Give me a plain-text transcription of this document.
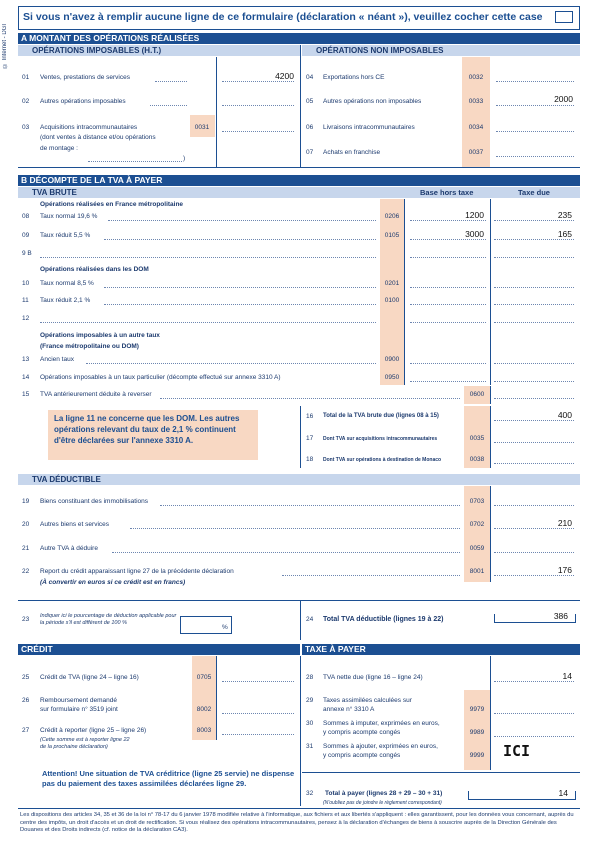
© Internet - DGI
Si vous n'avez à remplir aucune ligne de ce formulaire (déclaration « néant »), veuillez cocher cette case
A MONTANT DES OPÉRATIONS RÉALISÉES
OPÉRATIONS IMPOSABLES (H.T.)	OPÉRATIONS NON IMPOSABLES
01 Ventes, prestations de services	4200
02 Autres opérations imposables
03 Acquisitions intracommunautaires	0031
(dont ventes à distance et/ou opérations
de montage :
)
04 Exportations hors CE	0032
05 Autres opérations non imposables	0033	2000
06 Livraisons intracommunautaires	0034
07 Achats en franchise	0037
B DÉCOMPTE DE LA TVA À PAYER
TVA BRUTE	Base hors taxe	Taxe due
Opérations réalisées en France métropolitaine
08 Taux normal 19,6 %	0206	1200	235
09 Taux réduit 5,5 %	0105	3000	165
9 B
Opérations réalisées dans les DOM
10 Taux normal 8,5 %	0201
11 Taux réduit 2,1 %	0100
12
Opérations imposables à un autre taux
(France métropolitaine ou DOM)
13 Ancien taux	0900
14 Opérations imposables à un taux particulier (décompte effectué sur annexe 3310 A)	0950
15 TVA antérieurement déduite à reverser	0600
La ligne 11 ne concerne que les DOM. Les autres opérations relevant du taux de 2,1 % continuent d'être déclarées sur l'annexe 3310 A.
16 Total de la TVA brute due (lignes 08 à 15)	400
17 Dont TVA sur acquisitions intracommunautaires	0035
18 Dont TVA sur opérations à destination de Monaco	0038
TVA DÉDUCTIBLE
19 Biens constituant des immobilisations	0703
20 Autres biens et services	0702	210
21 Autre TVA à déduire	0059
22 Report du crédit apparaissant ligne 27 de la précédente déclaration	8001	176
(À convertir en euros si ce crédit est en francs)
23 Indiquer ici le pourcentage de déduction applicable pour la période s'il est différent de 100 %
%
24 Total TVA déductible (lignes 19 à 22)	386
CRÉDIT	TAXE À PAYER
25 Crédit de TVA (ligne 24 – ligne 16)	0705
26 Remboursement demandé
sur formulaire n° 3519 joint	8002
27 Crédit à reporter (ligne 25 – ligne 26)	8003
(Cette somme est à reporter ligne 22
de la prochaine déclaration)
Attention! Une situation de TVA créditrice (ligne 25 servie) ne dispense pas du paiement des taxes assimilées déclarées ligne 29.
28 TVA nette due (ligne 16 – ligne 24)	14
29 Taxes assimilées calculées sur
annexe n° 3310 A	9979
30 Sommes à imputer, exprimées en euros,
y compris acompte congés	9989
31 Sommes à ajouter, exprimées en euros,
y compris acompte congés	9999	ICI
32 Total à payer (lignes 28 + 29 – 30 + 31)
(N'oubliez pas de joindre le règlement correspondant)
14
Les dispositions des articles 34, 35 et 36 de la loi n° 78-17 du 6 janvier 1978 modifiée relative à l'informatique, aux fichiers et aux libertés s'appliquent : elles garantissent, pour les données vous concernant, auprès du centre des impôts, un droit d'accès et un droit de rectification. Si vous réalisez des opérations intracommunautaires, pensez à la déclaration d'échanges de biens à souscrire auprès de la Direction Générale des Douanes et des Droits indirects (cf. notice de la déclaration CA3).
